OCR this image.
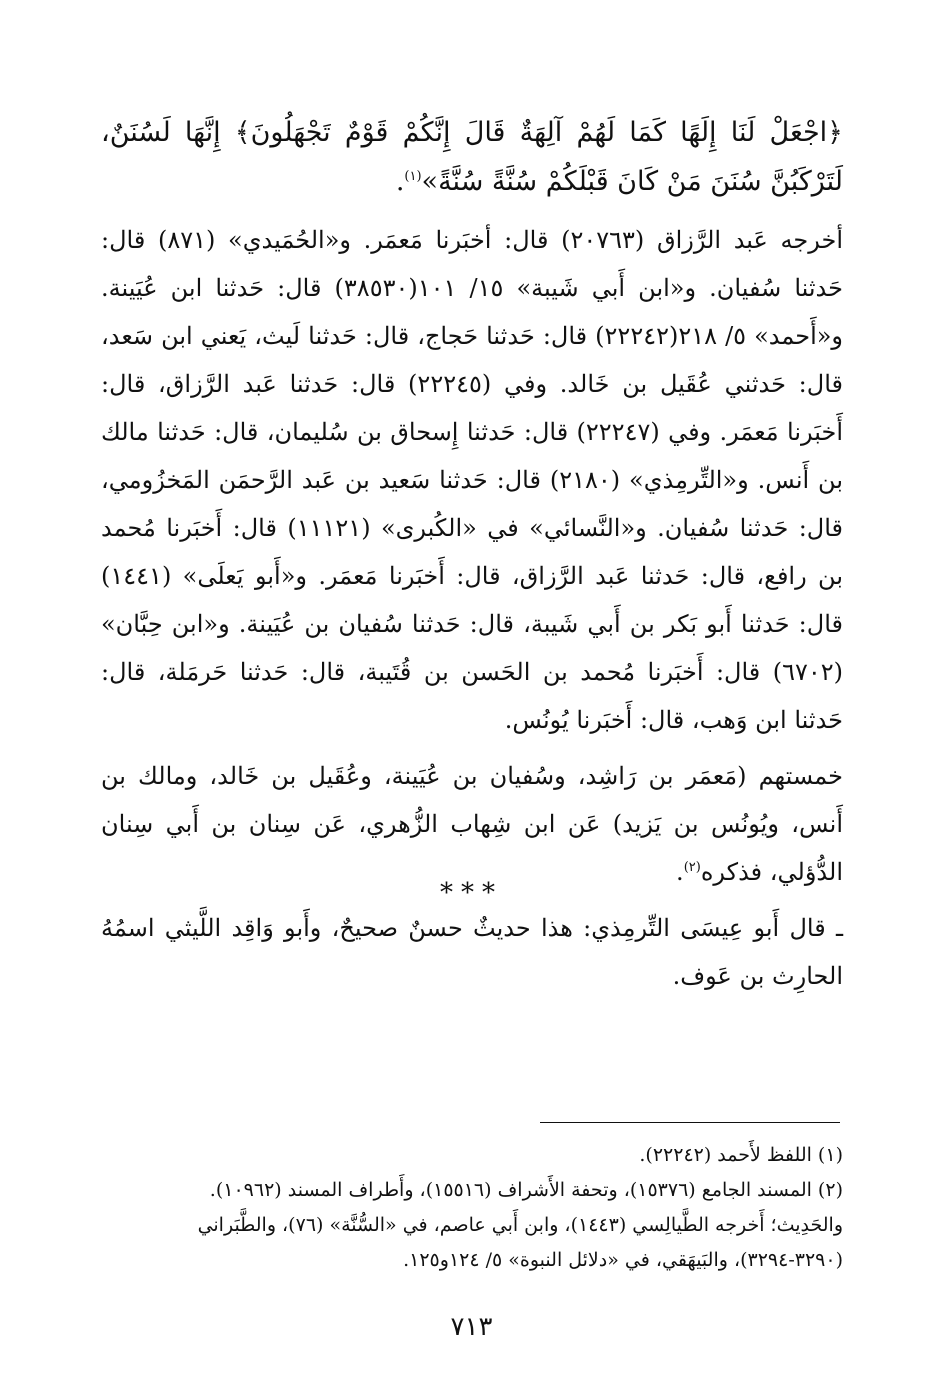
﴿اجْعَلْ لَنَا إِلَهًا كَمَا لَهُمْ آلِهَةٌ قَالَ إِنَّكُمْ قَوْمٌ تَجْهَلُونَ﴾ إِنَّهَا لَسُنَنٌ، لَتَرْكَبُنَّ سُنَنَ مَنْ كَانَ قَبْلَكُمْ سُنَّةً سُنَّةً»$^{(١)}$.

أخرجه عَبد الرَّزاق (٢٠٧٦٣) قال: أخبَرنا مَعمَر. و«الحُمَيدي» (٨٧١) قال: حَدثنا سُفيان. و«ابن أَبي شَيبة» ١٥/ ١٠١(٣٨٥٣٠) قال: حَدثنا ابن عُيَينة. و«أَحمد» ٥/ ٢١٨(٢٢٢٤٢) قال: حَدثنا حَجاج، قال: حَدثنا لَيث، يَعني ابن سَعد، قال: حَدثني عُقَيل بن خَالد. وفي (٢٢٢٤٥) قال: حَدثنا عَبد الرَّزاق، قال: أَخبَرنا مَعمَر. وفي (٢٢٢٤٧) قال: حَدثنا إِسحاق بن سُليمان، قال: حَدثنا مالك بن أَنس. و«التِّرمِذي» (٢١٨٠) قال: حَدثنا سَعيد بن عَبد الرَّحمَن المَخزُومي، قال: حَدثنا سُفيان. و«النَّسائي» في «الكُبرى» (١١١٢١) قال: أَخبَرنا مُحمد بن رافع، قال: حَدثنا عَبد الرَّزاق، قال: أَخبَرنا مَعمَر. و«أَبو يَعلَى» (١٤٤١) قال: حَدثنا أَبو بَكر بن أَبي شَيبة، قال: حَدثنا سُفيان بن عُيَينة. و«ابن حِبَّان» (٦٧٠٢) قال: أَخبَرنا مُحمد بن الحَسن بن قُتَيبة، قال: حَدثنا حَرمَلة، قال: حَدثنا ابن وَهب، قال: أَخبَرنا يُونُس.

خمستهم (مَعمَر بن رَاشِد، وسُفيان بن عُيَينة، وعُقَيل بن خَالد، ومالك بن أَنس، ويُونُس بن يَزيد) عَن ابن شِهاب الزُّهري، عَن سِنان بن أَبي سِنان الدُّؤلي، فذكره$^{(٢)}$.

ـ قال أَبو عِيسَى التِّرمِذي: هذا حديثٌ حسنٌ صحيحٌ، وأَبو وَاقِد اللَّيثي اسمُهُ الحارِث بن عَوف.

***

(١) اللفظ لأَحمد (٢٢٢٤٢).

(٢) المسند الجامع (١٥٣٧٦)، وتحفة الأَشراف (١٥٥١٦)، وأَطراف المسند (١٠٩٦٢).

والحَدِيث؛ أَخرجه الطَّيالِسي (١٤٤٣)، وابن أَبي عاصم، في «السُّنَّة» (٧٦)، والطَّبَراني (٣٢٩٠-٣٢٩٤)، والبَيهَقي، في «دلائل النبوة» ٥/ ١٢٤و١٢٥.

٧١٣
